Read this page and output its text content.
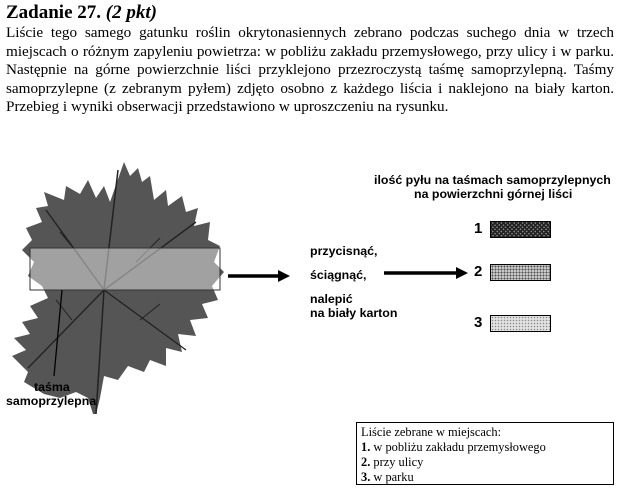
Zadanie 27. (2 pkt)
Liście tego samego gatunku roślin okrytonasiennych zebrano podczas suchego dnia w trzech miejscach o różnym zapyleniu powietrza: w pobliżu zakładu przemysłowego, przy ulicy i w parku. Następnie na górne powierzchnie liści przyklejono przezroczystą taśmę samoprzylepną. Taśmy samoprzylepne (z zebranym pyłem) zdjęto osobno z każdego liścia i naklejono na biały karton. Przebieg i wyniki obserwacji przedstawiono w uproszczeniu na rysunku.
taśma
samoprzylepna
przycisnąć,
ściągnąć,
nalepić
na biały karton
ilość pyłu na taśmach samoprzylepnych
na powierzchni górnej liści
1
2
3
Liście zebrane w miejscach:
1. w pobliżu zakładu przemysłowego
2. przy ulicy
3. w parku
